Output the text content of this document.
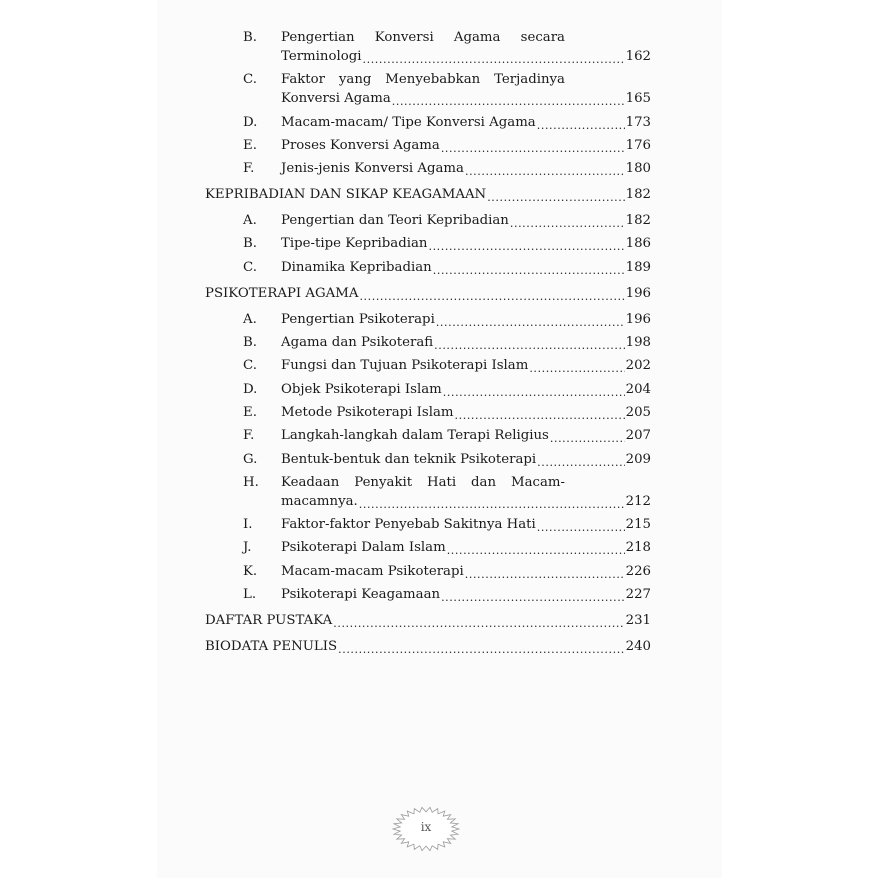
B. Pengertian Konversi Agama secara
Terminologi .....	162
C. Faktor yang Menyebabkan Terjadinya
Konversi Agama .....	165
D. Macam-macam/ Tipe Konversi Agama .....	173
E. Proses Konversi Agama .....	176
F. Jenis-jenis Konversi Agama .....	180
KEPRIBADIAN DAN SIKAP KEAGAMAAN .....	182
A. Pengertian dan Teori Kepribadian .....	182
B. Tipe-tipe Kepribadian .....	186
C. Dinamika Kepribadian .....	189
PSIKOTERAPI AGAMA .....	196
A. Pengertian Psikoterapi .....	196
B. Agama dan Psikoterafi .....	198
C. Fungsi dan Tujuan Psikoterapi Islam .....	202
D. Objek Psikoterapi Islam .....	204
E. Metode Psikoterapi Islam .....	205
F. Langkah-langkah dalam Terapi Religius .....	207
G. Bentuk-bentuk dan teknik Psikoterapi .....	209
H. Keadaan Penyakit Hati dan Macam-
macamnya. .....	212
I. Faktor-faktor Penyebab Sakitnya Hati .....	215
J. Psikoterapi Dalam Islam .....	218
K. Macam-macam Psikoterapi .....	226
L. Psikoterapi Keagamaan .....	227
DAFTAR PUSTAKA .....	231
BIODATA PENULIS .....	240
ix
